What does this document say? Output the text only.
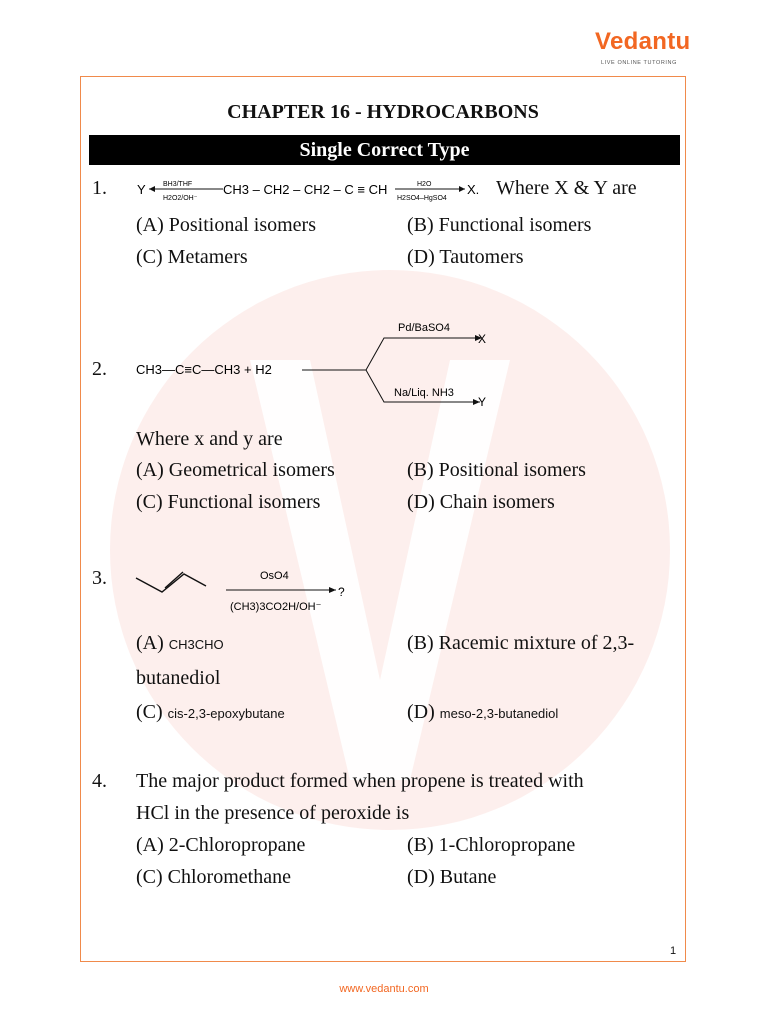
Vedantu
LIVE ONLINE TUTORING
CHAPTER 16 - HYDROCARBONS
Single Correct Type
1. Y BH3/THF
H2O2/OH⁻
CH3 – CH2 – CH2 – C ≡ CH	H2O
H2SO4–HgSO4
X. Where X & Y are
(A) Positional isomers	(B) Functional isomers
(C) Metamers	(D) Tautomers
2. CH3—C≡C—CH3 + H2
Pd/BaSO4
X
Na/Liq. NH3
Y
Where x and y are
(A) Geometrical isomers	(B) Positional isomers
(C) Functional isomers	(D) Chain isomers
3.	OsO4
(CH3)3CO2H/OH⁻
?
(A) CH3CHO	(B) Racemic mixture of 2,3-
butanediol
(C) cis-2,3-epoxybutane	(D) meso-2,3-butanediol
4. The major product formed when propene is treated with
HCl in the presence of peroxide is
(A) 2-Chloropropane	(B) 1-Chloropropane
(C) Chloromethane	(D) Butane
1
www.vedantu.com
